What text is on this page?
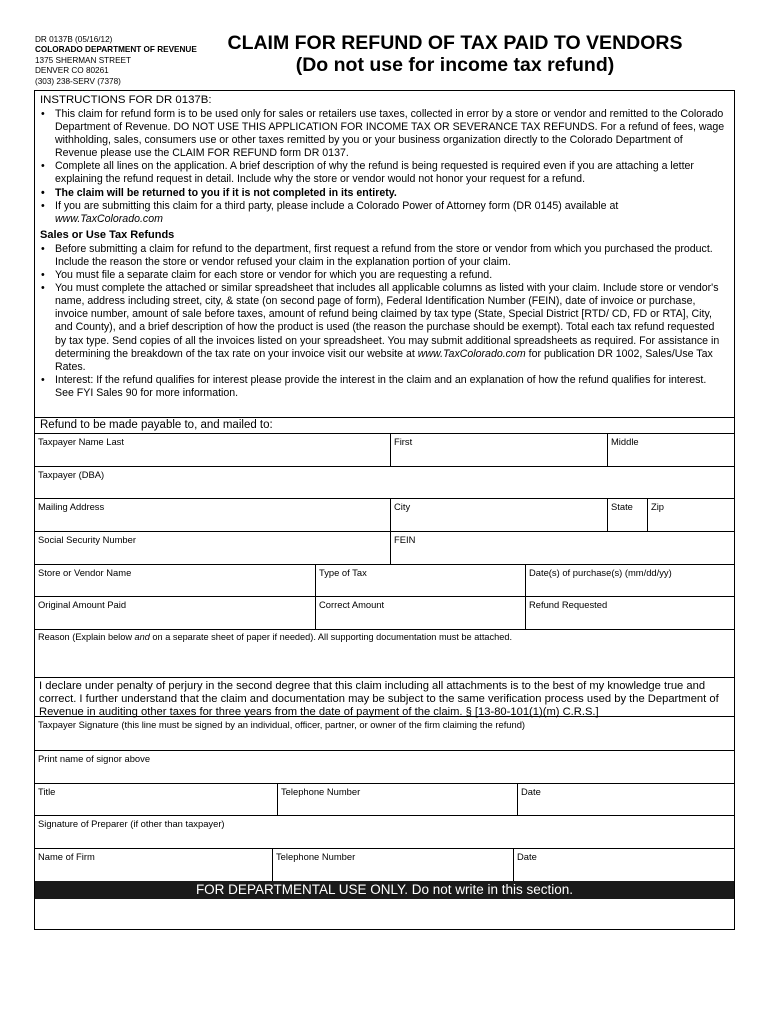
DR 0137B (05/16/12)
COLORADO DEPARTMENT OF REVENUE
1375 SHERMAN STREET
DENVER CO 80261
(303) 238-SERV (7378)
CLAIM FOR REFUND OF TAX PAID TO VENDORS
(Do not use for income tax refund)
INSTRUCTIONS FOR DR 0137B:
• This claim for refund form is to be used only for sales or retailers use taxes, collected in error by a store or vendor and remitted to the Colorado Department of Revenue. DO NOT USE THIS APPLICATION FOR INCOME TAX OR SEVERANCE TAX REFUNDS. For a refund of fees, wage withholding, sales, consumers use or other taxes remitted by you or your business organization directly to the Colorado Department of Revenue please use the CLAIM FOR REFUND form DR 0137.
• Complete all lines on the application. A brief description of why the refund is being requested is required even if you are attaching a letter explaining the refund request in detail. Include why the store or vendor would not honor your request for a refund.
• The claim will be returned to you if it is not completed in its entirety.
• If you are submitting this claim for a third party, please include a Colorado Power of Attorney form (DR 0145) available at
www.TaxColorado.com
Sales or Use Tax Refunds
• Before submitting a claim for refund to the department, first request a refund from the store or vendor from which you purchased the product. Include the reason the store or vendor refused your claim in the explanation portion of your claim.
• You must file a separate claim for each store or vendor for which you are requesting a refund.
• You must complete the attached or similar spreadsheet that includes all applicable columns as listed with your claim. Include store or vendor's name, address including street, city, & state (on second page of form), Federal Identification Number (FEIN), date of invoice or purchase, invoice number, amount of sale before taxes, amount of refund being claimed by tax type (State, Special District [RTD/ CD, FD or RTA], City, and County), and a brief description of how the product is used (the reason the purchase should be exempt). Total each tax refund requested by tax type. Send copies of all the invoices listed on your spreadsheet. You may submit additional spreadsheets as required. For assistance in determining the breakdown of the tax rate on your invoice visit our website at www.TaxColorado.com for publication DR 1002, Sales/Use Tax Rates.
• Interest: If the refund qualifies for interest please provide the interest in the claim and an explanation of how the refund qualifies for interest. See FYI Sales 90 for more information.
Refund to be made payable to, and mailed to:
Taxpayer Name Last	First	Middle
Taxpayer (DBA)
Mailing Address	City	State	Zip
Social Security Number	FEIN
Store or Vendor Name	Type of Tax	Date(s) of purchase(s) (mm/dd/yy)
Original Amount Paid	Correct Amount	Refund Requested
Reason (Explain below and on a separate sheet of paper if needed). All supporting documentation must be attached.
I declare under penalty of perjury in the second degree that this claim including all attachments is to the best of my knowledge true and correct. I further understand that the claim and documentation may be subject to the same verification process used by the Department of Revenue in auditing other taxes for three years from the date of payment of the claim. § [13-80-101(1)(m) C.R.S.]
Taxpayer Signature (this line must be signed by an individual, officer, partner, or owner of the firm claiming the refund)
Print name of signor above
Title	Telephone Number	Date
Signature of Preparer (if other than taxpayer)
Name of Firm	Telephone Number	Date
FOR DEPARTMENTAL USE ONLY. Do not write in this section.
